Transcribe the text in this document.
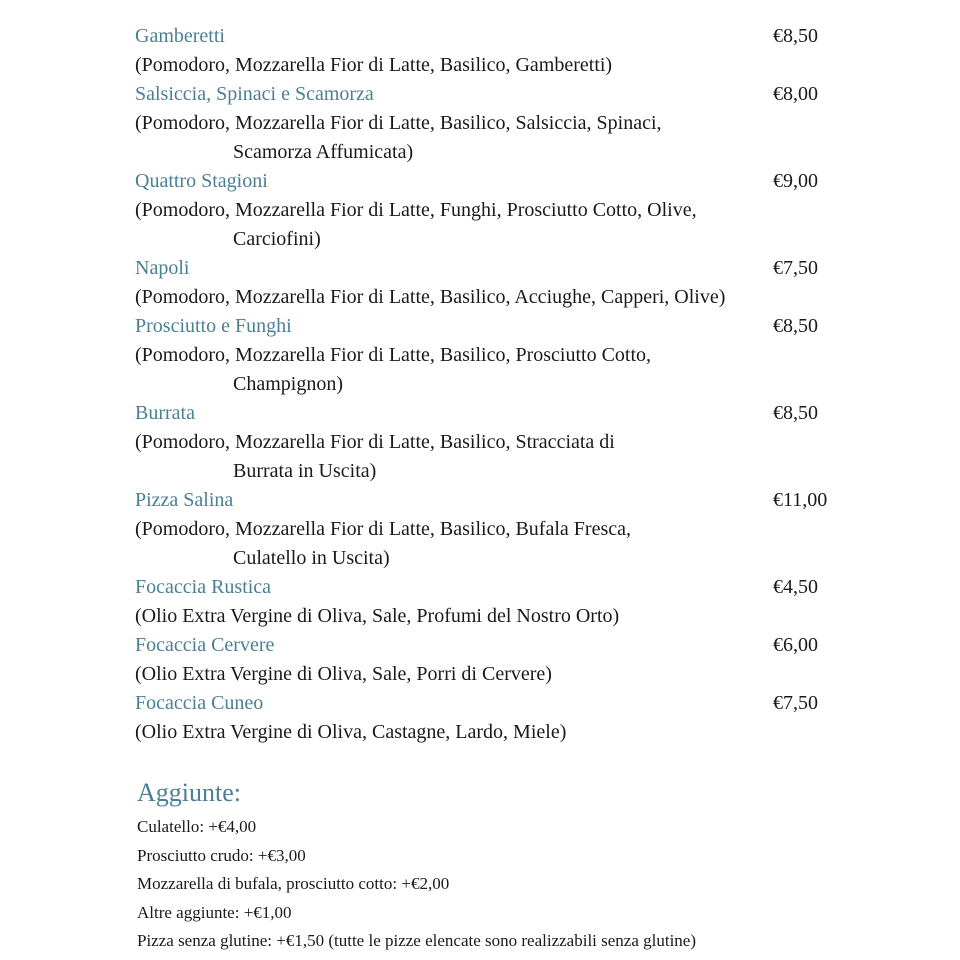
Gamberetti	€8,50

(Pomodoro, Mozzarella Fior di Latte, Basilico, Gamberetti)

Salsiccia, Spinaci e Scamorza	€8,00

(Pomodoro, Mozzarella Fior di Latte, Basilico, Salsiccia, Spinaci,
Scamorza Affumicata)

Quattro Stagioni	€9,00

(Pomodoro, Mozzarella Fior di Latte, Funghi, Prosciutto Cotto, Olive,
Carciofini)

Napoli	€7,50

(Pomodoro, Mozzarella Fior di Latte, Basilico, Acciughe, Capperi, Olive)

Prosciutto e Funghi	€8,50

(Pomodoro, Mozzarella Fior di Latte, Basilico, Prosciutto Cotto,
Champignon)

Burrata	€8,50

(Pomodoro, Mozzarella Fior di Latte, Basilico, Stracciata di
Burrata in Uscita)

Pizza Salina	€11,00

(Pomodoro, Mozzarella Fior di Latte, Basilico, Bufala Fresca,
Culatello in Uscita)

Focaccia Rustica	€4,50

(Olio Extra Vergine di Oliva, Sale, Profumi del Nostro Orto)

Focaccia Cervere	€6,00

(Olio Extra Vergine di Oliva, Sale, Porri di Cervere)

Focaccia Cuneo	€7,50

(Olio Extra Vergine di Oliva, Castagne, Lardo, Miele)

Aggiunte:
Culatello: +€4,00
Prosciutto crudo: +€3,00
Mozzarella di bufala, prosciutto cotto: +€2,00
Altre aggiunte: +€1,00
Pizza senza glutine: +€1,50 (tutte le pizze elencate sono realizzabili senza glutine)
